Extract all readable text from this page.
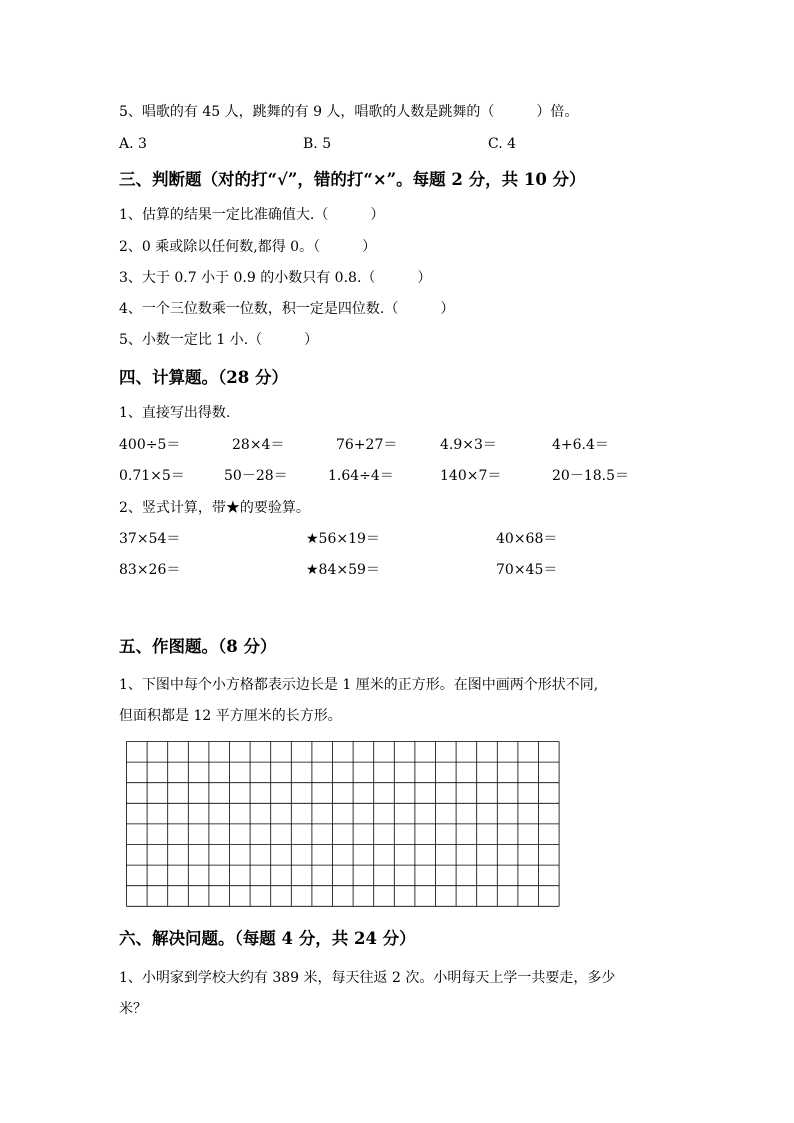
5、唱歌的有 45 人，跳舞的有 9 人，唱歌的人数是跳舞的（　　　）倍。
A. 3	B. 5	C. 4
三、判断题（对的打“√”，错的打“×”。每题 2 分，共 10 分）
1、估算的结果一定比准确值大.（　　　）
2、0 乘或除以任何数,都得 0。（　　　）
3、大于 0.7 小于 0.9 的小数只有 0.8.（　　　）
4、一个三位数乘一位数，积一定是四位数.（　　　）
5、小数一定比 1 小.（　　　）
四、计算题。（28 分）
1、直接写出得数.
400÷5＝	28×4＝	76+27＝	4.9×3＝	4+6.4＝
0.71×5＝	50－28＝	1.64÷4＝	140×7＝	20－18.5＝
2、竖式计算，带★的要验算。
37×54＝	★56×19＝	40×68＝
83×26＝	★84×59＝	70×45＝
五、作图题。（8 分）
1、下图中每个小方格都表示边长是 1 厘米的正方形。在图中画两个形状不同,
但面积都是 12 平方厘米的长方形。
六、解决问题。（每题 4 分，共 24 分）
1、小明家到学校大约有 389 米，每天往返 2 次。小明每天上学一共要走，多少
米？
